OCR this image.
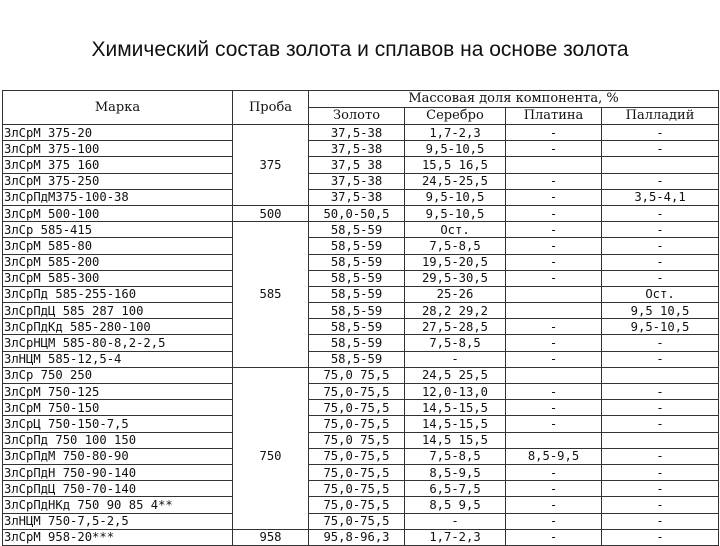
Химический состав золота и сплавов на основе золота
Марка	Проба	Массовая доля компонента, %			
		Золото	Серебро	Платина	Палладий
ЗлСрМ 375-20		37,5-38	1,7-2,3	-	-
ЗлСрМ 375-100		37,5-38	9,5-10,5	-	-
ЗлСрМ 375 160	375	37,5 38	15,5 16,5		
ЗлСрМ 375-250		37,5-38	24,5-25,5	-	-
ЗлСрПдМ375-100-38		37,5-38	9,5-10,5	-	3,5-4,1
ЗлСрМ 500-100	500	50,0-50,5	9,5-10,5	-	-
ЗлСр 585-415		58,5-59	Ост.	-	-
ЗлСрМ 585-80		58,5-59	7,5-8,5	-	-
ЗлСрМ 585-200		58,5-59	19,5-20,5	-	-
ЗлСрМ 585-300		58,5-59	29,5-30,5	-	-
ЗлСрПд 585-255-160	585	58,5-59	25-26		Ост.
ЗлСрПдЦ 585 287 100		58,5-59	28,2 29,2		9,5 10,5
ЗлСрПдКд 585-280-100		58,5-59	27,5-28,5	-	9,5-10,5
ЗлСрНЦМ 585-80-8,2-2,5		58,5-59	7,5-8,5	-	-
ЗлНЦМ 585-12,5-4		58,5-59	-	-	-
ЗлСр 750 250		75,0 75,5	24,5 25,5		
ЗлСрМ 750-125		75,0-75,5	12,0-13,0	-	-
ЗлСрМ 750-150		75,0-75,5	14,5-15,5	-	-
ЗлСрЦ 750-150-7,5		75,0-75,5	14,5-15,5	-	-
ЗлСрПд 750 100 150		75,0 75,5	14,5 15,5		
ЗлСрПдМ 750-80-90	750	75,0-75,5	7,5-8,5	8,5-9,5	-
ЗлСрПдН 750-90-140		75,0-75,5	8,5-9,5	-	-
ЗлСрПдЦ 750-70-140		75,0-75,5	6,5-7,5	-	-
ЗлСрПдНКд 750 90 85 4**		75,0-75,5	8,5 9,5	-	-
ЗлНЦМ 750-7,5-2,5		75,0-75,5	-	-	-
ЗлСрМ 958-20***	958	95,8-96,3	1,7-2,3	-	-
